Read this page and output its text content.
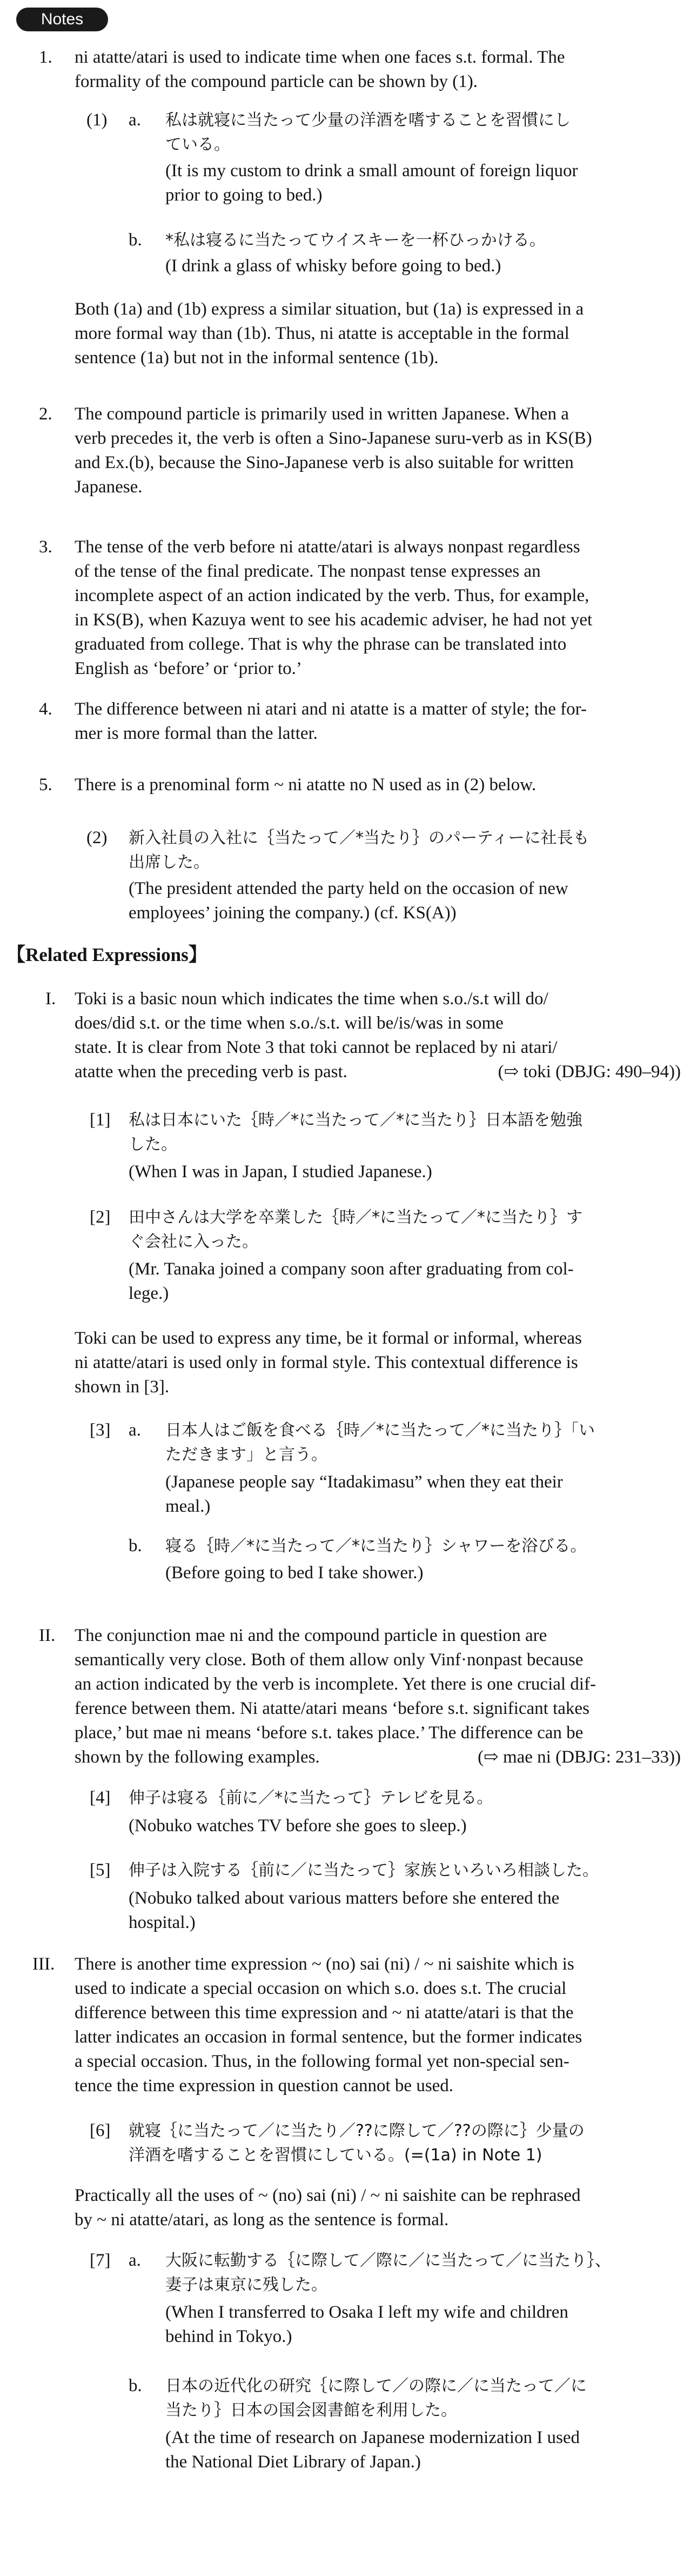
Notes
1. ni atatte/atari is used to indicate time when one faces s.t. formal. The
formality of the compound particle can be shown by (1).
(1) a. 私は就寝に当たって少量の洋酒を嗜することを習慣にし
ている。
(It is my custom to drink a small amount of foreign liquor
prior to going to bed.)
b. *私は寝るに当たってウイスキーを一杯ひっかける。
(I drink a glass of whisky before going to bed.)
Both (1a) and (1b) express a similar situation, but (1a) is expressed in a
more formal way than (1b). Thus, ni atatte is acceptable in the formal
sentence (1a) but not in the informal sentence (1b).
2. The compound particle is primarily used in written Japanese. When a
verb precedes it, the verb is often a Sino-Japanese suru-verb as in KS(B)
and Ex.(b), because the Sino-Japanese verb is also suitable for written
Japanese.
3. The tense of the verb before ni atatte/atari is always nonpast regardless
of the tense of the final predicate. The nonpast tense expresses an
incomplete aspect of an action indicated by the verb. Thus, for example,
in KS(B), when Kazuya went to see his academic adviser, he had not yet
graduated from college. That is why the phrase can be translated into
English as ‘before’ or ‘prior to.’
4. The difference between ni atari and ni atatte is a matter of style; the for-
mer is more formal than the latter.
5. There is a prenominal form ~ ni atatte no N used as in (2) below.
(2) 新入社員の入社に｛当たって／*当たり｝のパーティーに社長も
出席した。
(The president attended the party held on the occasion of new
employees’ joining the company.) (cf. KS(A))
【Related Expressions】
I. Toki is a basic noun which indicates the time when s.o./s.t will do/
does/did s.t. or the time when s.o./s.t. will be/is/was in some
state. It is clear from Note 3 that toki cannot be replaced by ni atari/
atatte when the preceding verb is past.	(⇨ toki (DBJG: 490–94))
[1] 私は日本にいた｛時／*に当たって／*に当たり｝日本語を勉強
した。
(When I was in Japan, I studied Japanese.)
[2] 田中さんは大学を卒業した｛時／*に当たって／*に当たり｝す
ぐ会社に入った。
(Mr. Tanaka joined a company soon after graduating from col-
lege.)
Toki can be used to express any time, be it formal or informal, whereas
ni atatte/atari is used only in formal style. This contextual difference is
shown in [3].
[3] a. 日本人はご飯を食べる｛時／*に当たって／*に当たり｝「い
ただきます」と言う。
(Japanese people say “Itadakimasu” when they eat their
meal.)
b. 寝る｛時／*に当たって／*に当たり｝シャワーを浴びる。
(Before going to bed I take shower.)
II. The conjunction mae ni and the compound particle in question are
semantically very close. Both of them allow only Vinf·nonpast because
an action indicated by the verb is incomplete. Yet there is one crucial dif-
ference between them. Ni atatte/atari means ‘before s.t. significant takes
place,’ but mae ni means ‘before s.t. takes place.’ The difference can be
shown by the following examples.	(⇨ mae ni (DBJG: 231–33))
[4] 伸子は寝る｛前に／*に当たって｝テレビを見る。
(Nobuko watches TV before she goes to sleep.)
[5] 伸子は入院する｛前に／に当たって｝家族といろいろ相談した。
(Nobuko talked about various matters before she entered the
hospital.)
III. There is another time expression ~ (no) sai (ni) / ~ ni saishite which is
used to indicate a special occasion on which s.o. does s.t. The crucial
difference between this time expression and ~ ni atatte/atari is that the
latter indicates an occasion in formal sentence, but the former indicates
a special occasion. Thus, in the following formal yet non-special sen-
tence the time expression in question cannot be used.
[6] 就寝｛に当たって／に当たり／??に際して／??の際に｝少量の
洋酒を嗜することを習慣にしている。(=(1a) in Note 1)
Practically all the uses of ~ (no) sai (ni) / ~ ni saishite can be rephrased
by ~ ni atatte/atari, as long as the sentence is formal.
[7] a. 大阪に転勤する｛に際して／際に／に当たって／に当たり｝、
妻子は東京に残した。
(When I transferred to Osaka I left my wife and children
behind in Tokyo.)
b. 日本の近代化の研究｛に際して／の際に／に当たって／に
当たり｝日本の国会図書館を利用した。
(At the time of research on Japanese modernization I used
the National Diet Library of Japan.)
